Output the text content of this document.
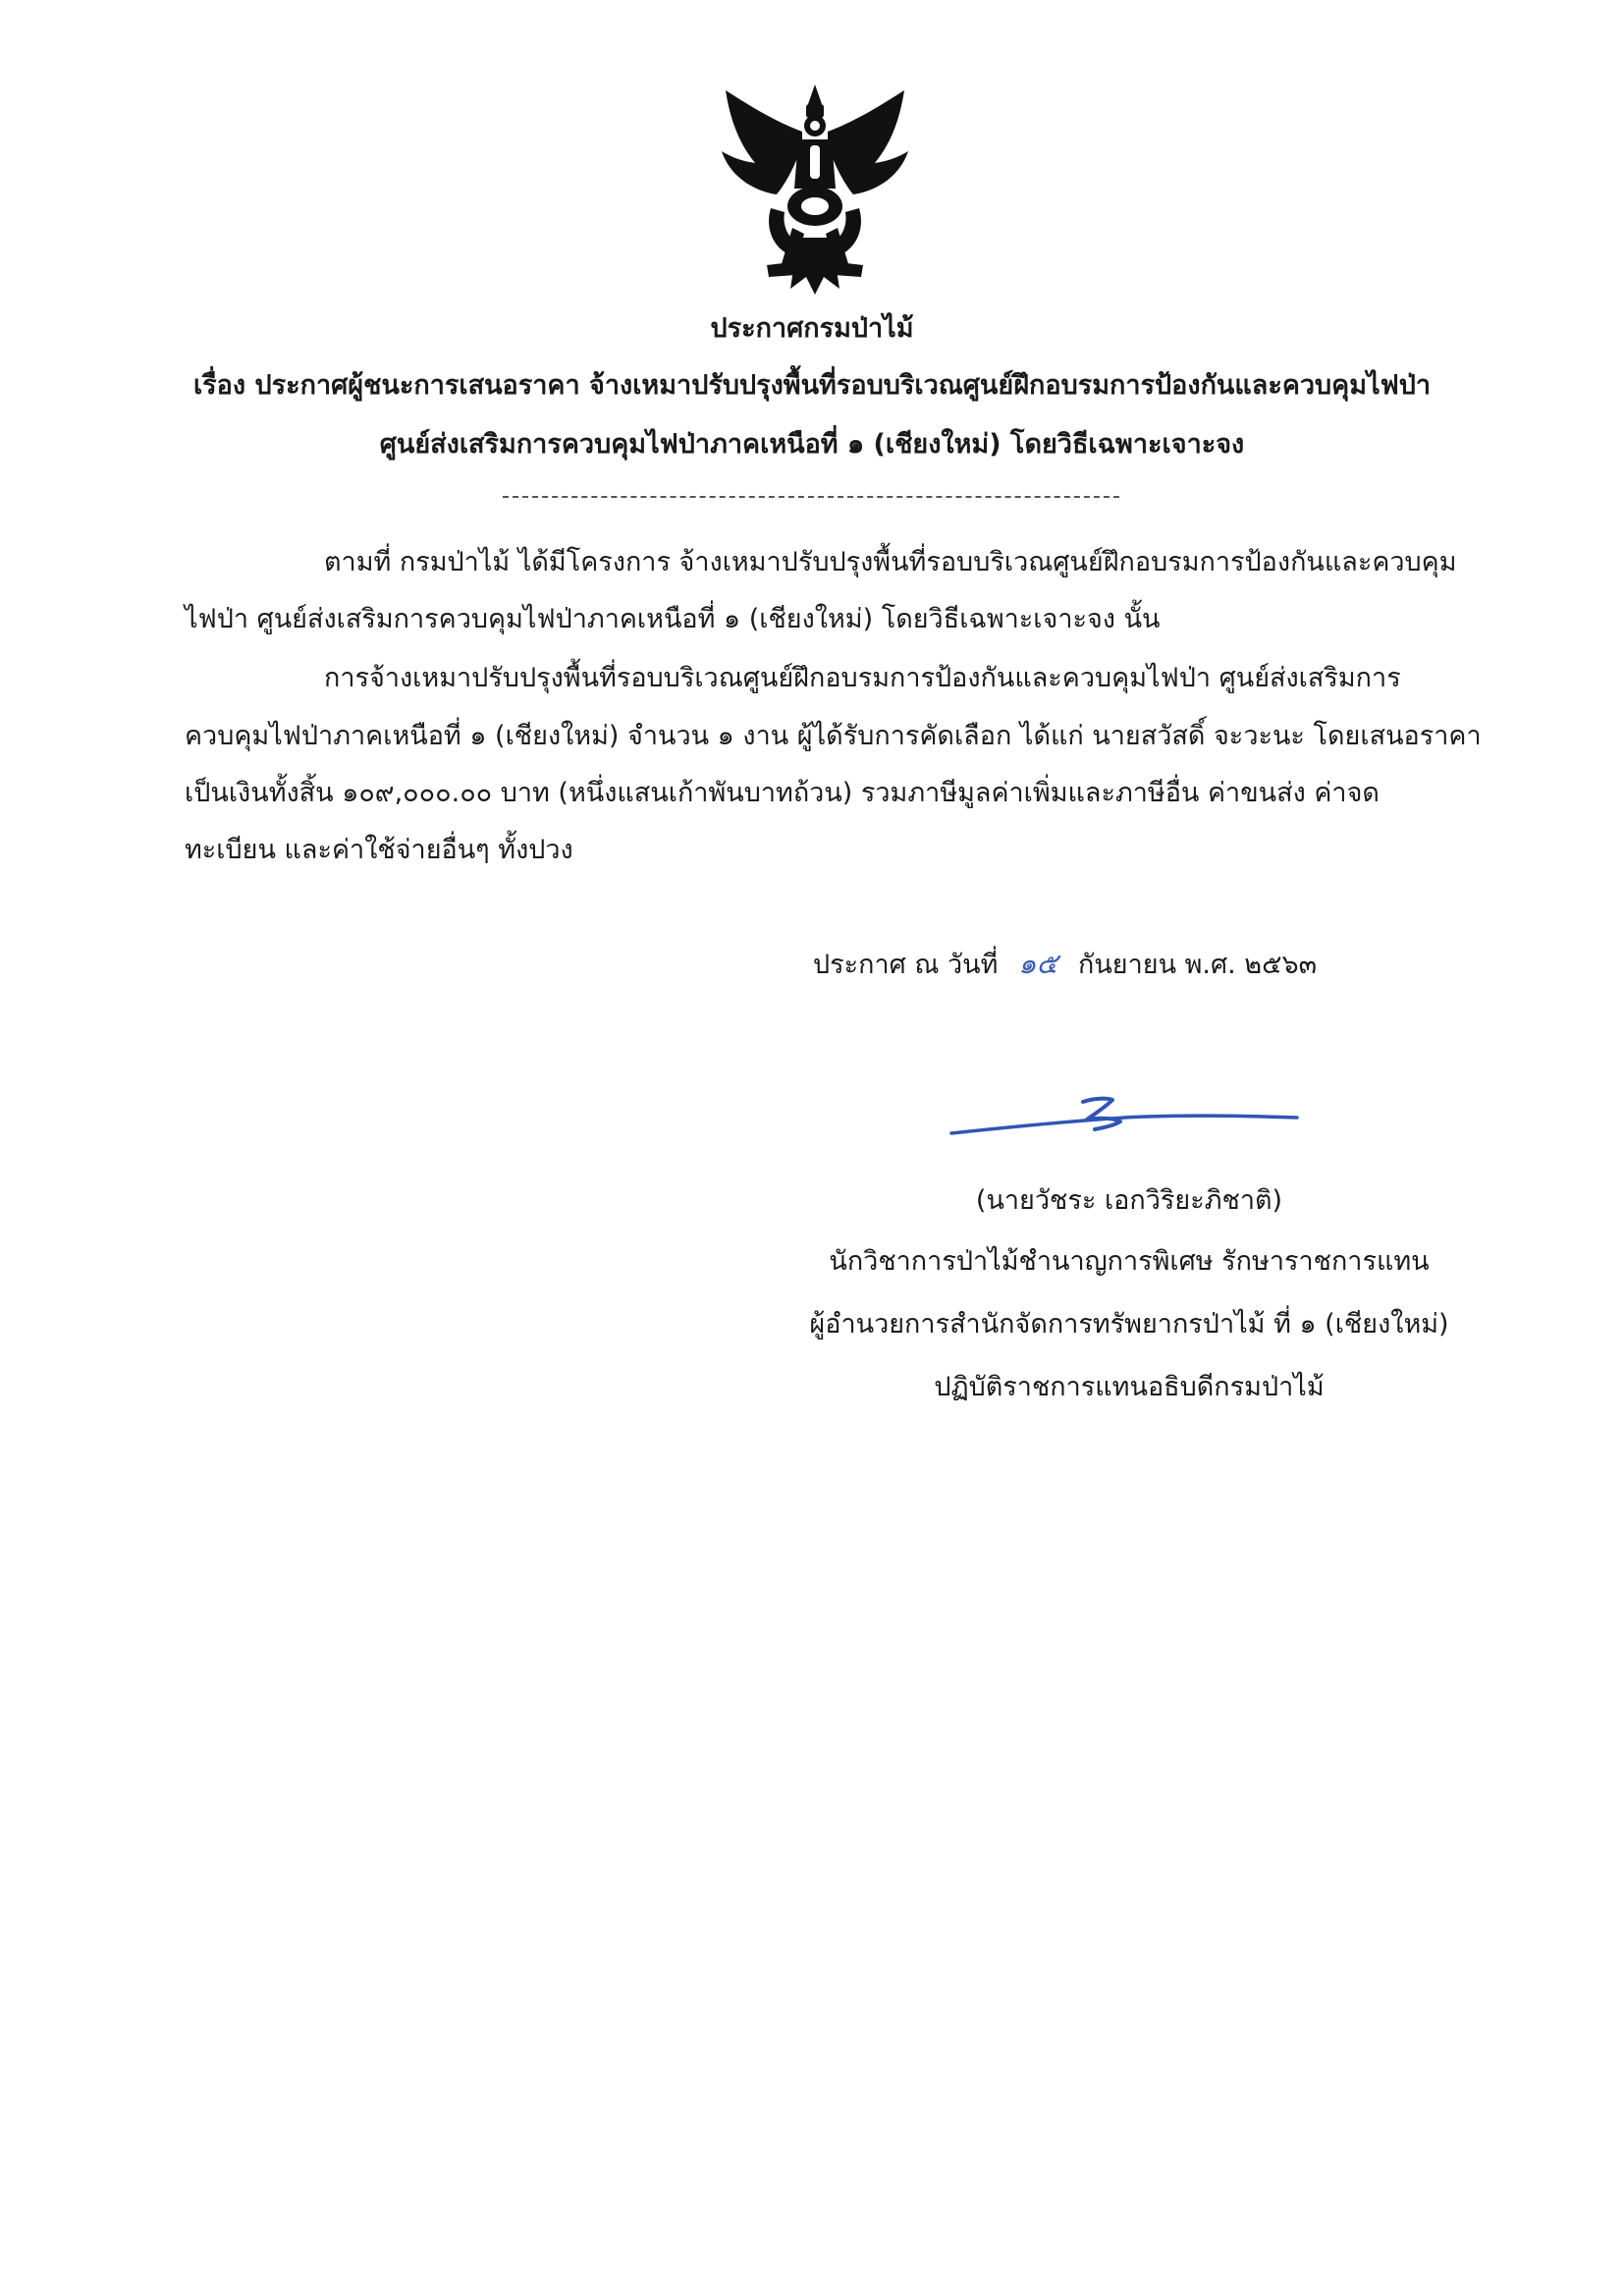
ประกาศกรมป่าไม้
เรื่อง ประกาศผู้ชนะการเสนอราคา จ้างเหมาปรับปรุงพื้นที่รอบบริเวณศูนย์ฝึกอบรมการป้องกันและควบคุมไฟป่า
ศูนย์ส่งเสริมการควบคุมไฟป่าภาคเหนือที่ ๑ (เชียงใหม่) โดยวิธีเฉพาะเจาะจง
ตามที่ กรมป่าไม้ ได้มีโครงการ จ้างเหมาปรับปรุงพื้นที่รอบบริเวณศูนย์ฝึกอบรมการป้องกันและควบคุม
ไฟป่า ศูนย์ส่งเสริมการควบคุมไฟป่าภาคเหนือที่ ๑ (เชียงใหม่) โดยวิธีเฉพาะเจาะจง นั้น
การจ้างเหมาปรับปรุงพื้นที่รอบบริเวณศูนย์ฝึกอบรมการป้องกันและควบคุมไฟป่า ศูนย์ส่งเสริมการ
ควบคุมไฟป่าภาคเหนือที่ ๑ (เชียงใหม่) จำนวน ๑ งาน ผู้ได้รับการคัดเลือก ได้แก่ นายสวัสดิ์ จะวะนะ โดยเสนอราคา
เป็นเงินทั้งสิ้น ๑๐๙,๐๐๐.๐๐ บาท (หนึ่งแสนเก้าพันบาทถ้วน) รวมภาษีมูลค่าเพิ่มและภาษีอื่น ค่าขนส่ง ค่าจด
ทะเบียน และค่าใช้จ่ายอื่นๆ ทั้งปวง
ประกาศ ณ วันที่ ๑๕ กันยายน พ.ศ. ๒๕๖๓
(นายวัชระ เอกวิริยะภิชาติ)
นักวิชาการป่าไม้ชำนาญการพิเศษ รักษาราชการแทน
ผู้อำนวยการสำนักจัดการทรัพยากรป่าไม้ ที่ ๑ (เชียงใหม่)
ปฏิบัติราชการแทนอธิบดีกรมป่าไม้
